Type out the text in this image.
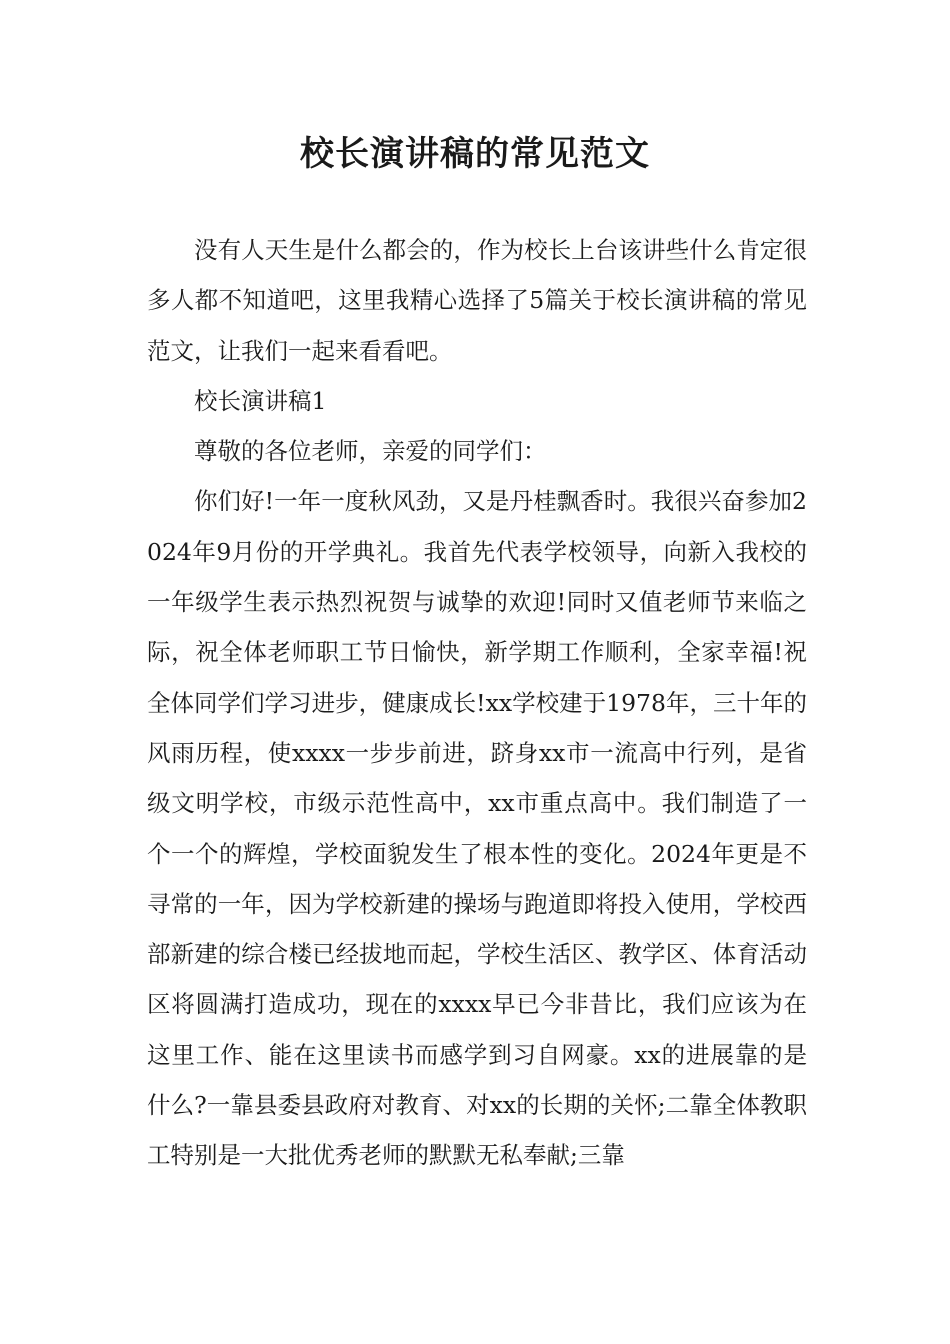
校长演讲稿的常见范文

没有人天生是什么都会的，作为校长上台该讲些什么肯定很多人都不知道吧，这里我精心选择了5篇关于校长演讲稿的常见范文，让我们一起来看看吧。

校长演讲稿1

尊敬的各位老师，亲爱的同学们：

你们好!一年一度秋风劲，又是丹桂飘香时。我很兴奋参加2024年9月份的开学典礼。我首先代表学校领导，向新入我校的一年级学生表示热烈祝贺与诚挚的欢迎!同时又值老师节来临之际，祝全体老师职工节日愉快，新学期工作顺利，全家幸福!祝全体同学们学习进步，健康成长!xx学校建于1978年，三十年的风雨历程，使xxxx一步步前进，跻身xx市一流高中行列，是省级文明学校，市级示范性高中，xx市重点高中。我们制造了一个一个的辉煌，学校面貌发生了根本性的变化。2024年更是不寻常的一年，因为学校新建的操场与跑道即将投入使用，学校西部新建的综合楼已经拔地而起，学校生活区、教学区、体育活动区将圆满打造成功，现在的xxxx早已今非昔比，我们应该为在这里工作、能在这里读书而感学到习自网豪。xx的进展靠的是什么?一靠县委县政府对教育、对xx的长期的关怀;二靠全体教职工特别是一大批优秀老师的默默无私奉献;三靠
